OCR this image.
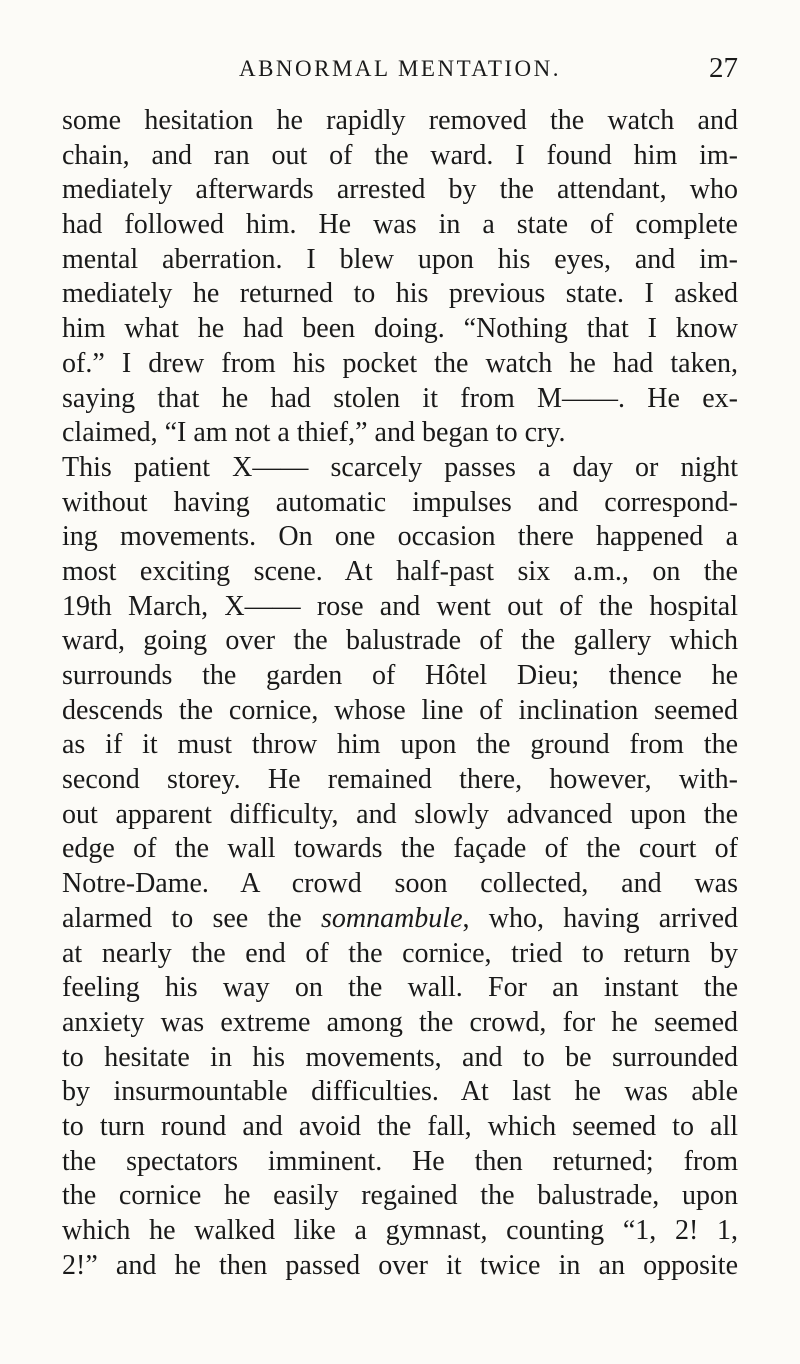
ABNORMAL MENTATION.	27
some hesitation he rapidly removed the watch and
chain, and ran out of the ward. I found him im-
mediately afterwards arrested by the attendant, who
had followed him. He was in a state of complete
mental aberration. I blew upon his eyes, and im-
mediately he returned to his previous state. I asked
him what he had been doing. “Nothing that I know
of.” I drew from his pocket the watch he had taken,
saying that he had stolen it from M——. He ex-
claimed, “I am not a thief,” and began to cry.
This patient X—— scarcely passes a day or night
without having automatic impulses and correspond-
ing movements. On one occasion there happened a
most exciting scene. At half-past six a.m., on the
19th March, X—— rose and went out of the hospital
ward, going over the balustrade of the gallery which
surrounds the garden of Hôtel Dieu; thence he
descends the cornice, whose line of inclination seemed
as if it must throw him upon the ground from the
second storey. He remained there, however, with-
out apparent difficulty, and slowly advanced upon the
edge of the wall towards the façade of the court of
Notre-Dame. A crowd soon collected, and was
alarmed to see the somnambule, who, having arrived
at nearly the end of the cornice, tried to return by
feeling his way on the wall. For an instant the
anxiety was extreme among the crowd, for he seemed
to hesitate in his movements, and to be surrounded
by insurmountable difficulties. At last he was able
to turn round and avoid the fall, which seemed to all
the spectators imminent. He then returned; from
the cornice he easily regained the balustrade, upon
which he walked like a gymnast, counting “1, 2! 1,
2!” and he then passed over it twice in an opposite
